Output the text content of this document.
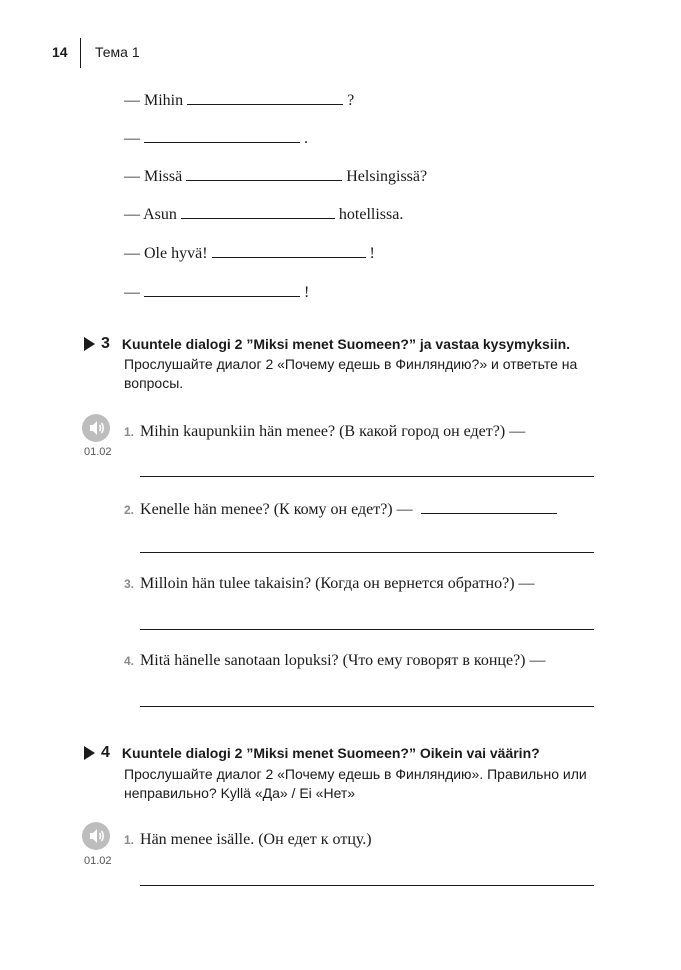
14 Тема 1
— Mihin	?
—	.
— Missä	Helsingissä?
— Asun	hotellissa.
— Ole hyvä!	!
—	!
3 Kuuntele dialogi 2 ”Miksi menet Suomeen?” ja vastaa kysymyksiin.
Прослушайте диалог 2 «Почему едешь в Финляндию?» и ответьте на вопросы.
01.02
1. Mihin kaupunkiin hän menee? (В какой город он едет?) —
2. Kenelle hän menee? (К кому он едет?) —
3. Milloin hän tulee takaisin? (Когда он вернется обратно?) —
4. Mitä hänelle sanotaan lopuksi? (Что ему говорят в конце?) —
4 Kuuntele dialogi 2 ”Miksi menet Suomeen?” Oikein vai väärin?
Прослушайте диалог 2 «Почему едешь в Финляндию». Правильно или неправильно? Kyllä «Да» / Ei «Нет»
01.02
1. Hän menee isälle. (Он едет к отцу.)
